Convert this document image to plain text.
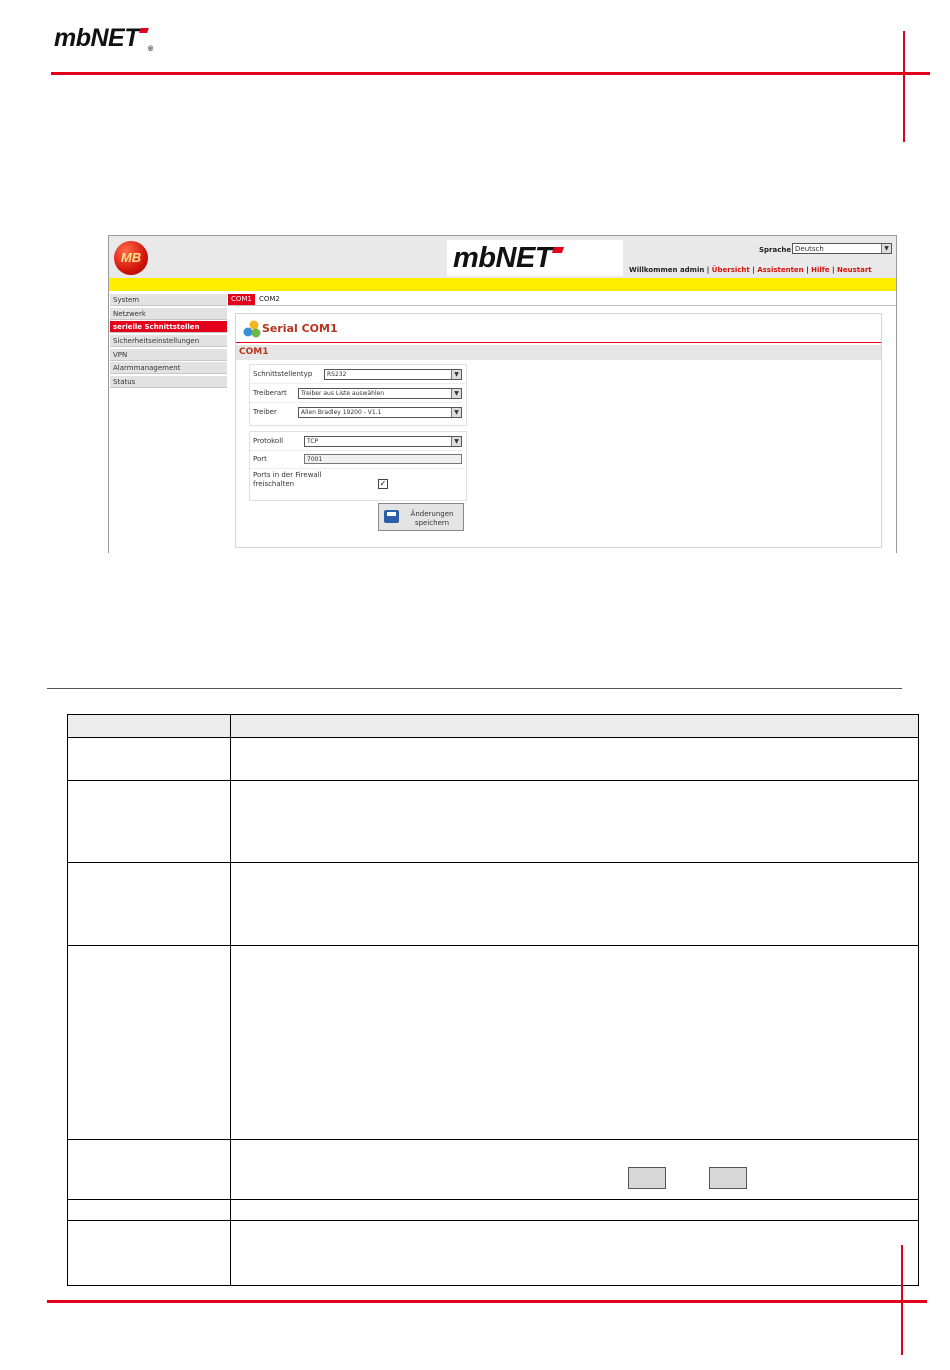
mbNET ®
MB	mbNET	Sprache Deutsch	▼
Willkommen admin | Übersicht | Assistenten | Hilfe | Neustart
System
Netzwerk
serielle Schnittstellen
Sicherheitseinstellungen
VPN
Alarmmanagement
Status
COM1	COM2
Serial COM1
COM1
Schnittstellentyp	RS232	▼
Treiberart	Treiber aus Liste auswählen	▼
Treiber	Allen Bradley 19200 - V1.1	▼
Protokoll	TCP	▼
Port	7001
Ports in der Firewall freischalten	✓
Änderungen speichern
